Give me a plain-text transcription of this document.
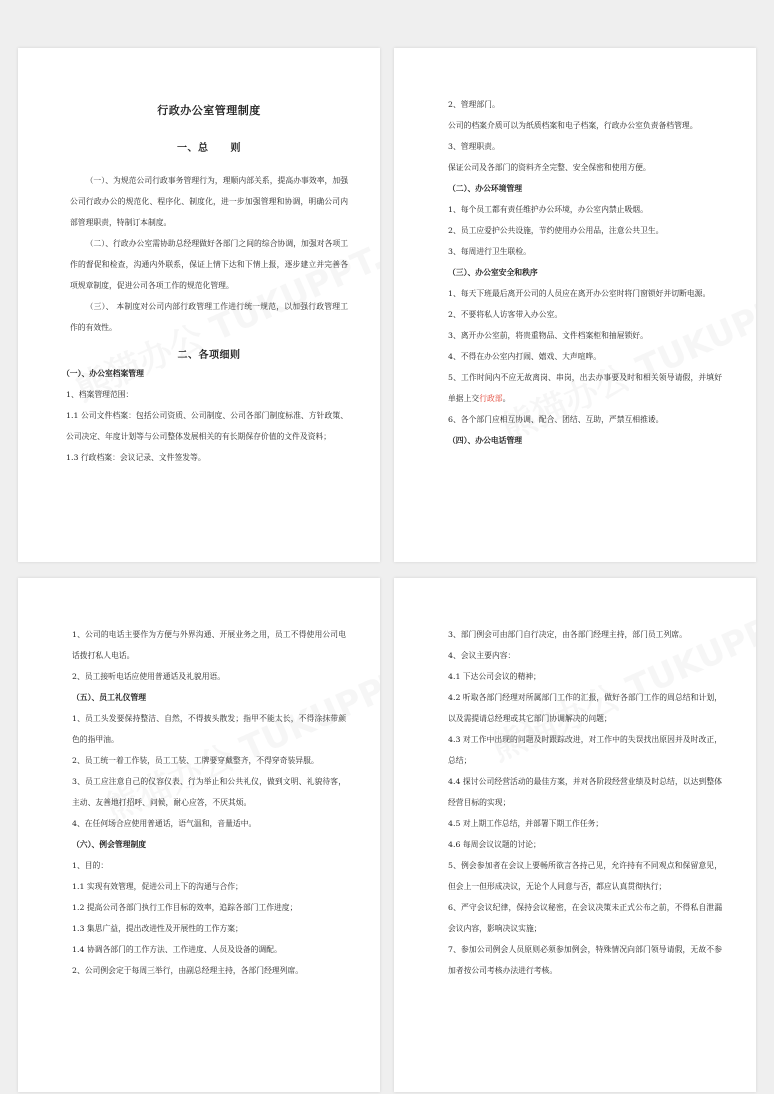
行政办公室管理制度

一、总 则

（一）、为规范公司行政事务管理行为，理顺内部关系，提高办事效率，加强公司行政办公的规范化、程序化、制度化，进一步加强管理和协调，明确公司内部管理职责，特制订本制度。

（二）、行政办公室需协助总经理做好各部门之间的综合协调，加强对各项工作的督促和检查，沟通内外联系，保证上情下达和下情上报，逐步建立并完善各项规章制度，促进公司各项工作的规范化管理。

（三）、 本制度对公司内部行政管理工作进行统一规范，以加强行政管理工作的有效性。

二、各项细则

（一）、办公室档案管理

1、档案管理范围：

1.1 公司文件档案：包括公司资质、公司制度、公司各部门制度标准、方针政策、公司决定、年度计划等与公司整体发展相关的有长期保存价值的文件及资料；

1.3 行政档案：会议记录、文件签发等。

2、管理部门。

公司的档案介质可以为纸质档案和电子档案，行政办公室负责备档管理。

3、管理职责。

保证公司及各部门的资料齐全完整、安全保密和使用方便。

（二）、办公环境管理

1、每个员工都有责任维护办公环境，办公室内禁止吸烟。

2、员工应爱护公共设施，节约使用办公用品，注意公共卫生。

3、每周进行卫生联检。

（三）、办公室安全和秩序

1、每天下班最后离开公司的人员应在离开办公室时将门窗锁好并切断电源。

2、不要将私人访客带入办公室。

3、离开办公室前，将贵重物品、文件档案柜和抽屉锁好。

4、不得在办公室内打闹、嬉戏、大声喧哗。

5、工作时间内不应无故离岗、串岗，出去办事要及时和相关领导请假，并填好单据上交行政部。

6、各个部门应相互协调、配合、团结、互助，严禁互相推诿。

（四）、办公电话管理

1、公司的电话主要作为方便与外界沟通、开展业务之用，员工不得使用公司电话拨打私人电话。

2、员工接听电话应使用普通话及礼貌用语。

（五）、员工礼仪管理

1、员工头发要保持整洁、自然，不得披头散发；指甲不能太长，不得涂抹带颜色的指甲油。

2、员工统一着工作装，员工工装、工牌要穿戴整齐，不得穿奇装异服。

3、员工应注意自己的仪容仪表、行为举止和公共礼仪，做到文明、礼貌待客，主动、友善地打招呼、问候，耐心应答，不厌其烦。

4、在任何场合应使用普通话，语气温和，音量适中。

（六）、例会管理制度

1、目的：

1.1 实现有效管理，促进公司上下的沟通与合作；

1.2 提高公司各部门执行工作目标的效率，追踪各部门工作进度；

1.3 集思广益，提出改进性及开展性的工作方案；

1.4 协调各部门的工作方法、工作进度、人员及设备的调配。

2、公司例会定于每周三举行，由副总经理主持，各部门经理列席。

3、部门例会可由部门自行决定，由各部门经理主持，部门员工列席。

4、会议主要内容：

4.1 下达公司会议的精神；

4.2 听取各部门经理对所属部门工作的汇报，做好各部门工作的周总结和计划，以及需提请总经理或其它部门协调解决的问题；

4.3 对工作中出现的问题及时跟踪改进，对工作中的失误找出原因并及时改正，总结；

4.4 探讨公司经营活动的最佳方案，并对各阶段经营业绩及时总结，以达到整体经营目标的实现；

4.5 对上期工作总结，并部署下期工作任务；

4.6 每周会议议题的讨论；

5、例会参加者在会议上要畅所欲言各持己见，允许持有不同观点和保留意见，但会上一但形成决议，无论个人同意与否，都应认真贯彻执行；

6、严守会议纪律，保持会议秘密，在会议决策未正式公布之前，不得私自泄漏会议内容，影响决议实施；

7、参加公司例会人员原则必须参加例会，特殊情况向部门领导请假，无故不参加者按公司考核办法进行考核。
